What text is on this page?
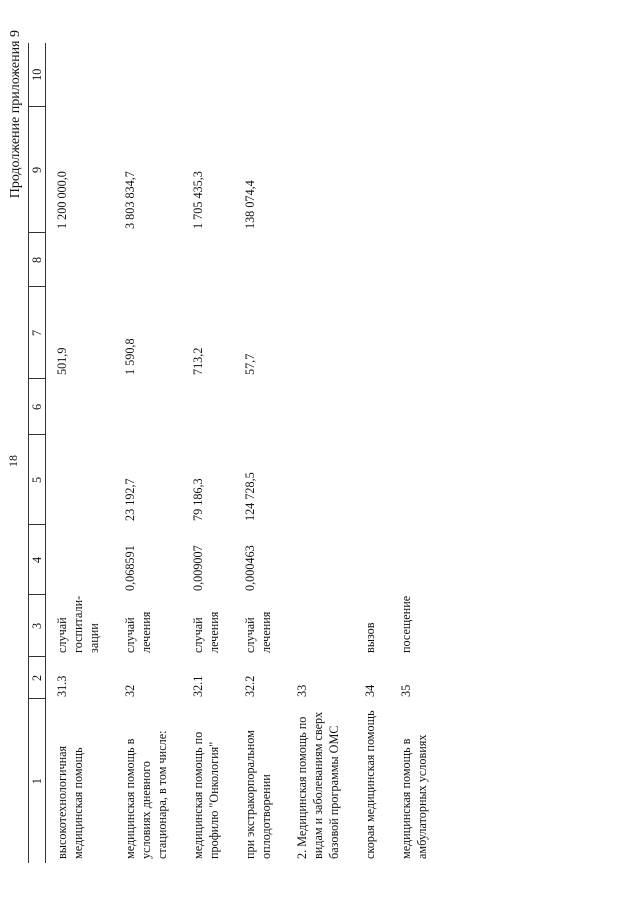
18
Продолжение приложения 9
1	2	3	4	5	6	7	8	9	10
высокотехнологичная медицинская помощь	31.3	случай госпитали-зации				501,9		1 200 000,0	
медицинская помощь в условиях дневного стационара, в том числе:	32	случай лечения	0,068591	23 192,7		1 590,8		3 803 834,7	
медицинская помощь по профилю "Онкология"	32.1	случай лечения	0,009007	79 186,3		713,2		1 705 435,3	
при экстракорпоральном оплодотворении	32.2	случай лечения	0,000463	124 728,5		57,7		138 074,4	
2. Медицинская помощь по видам и заболеваниям сверх базовой программы ОМС	33								
скорая медицинская помощь	34	вызов							
медицинская помощь в амбулаторных условиях	35	посещение							
